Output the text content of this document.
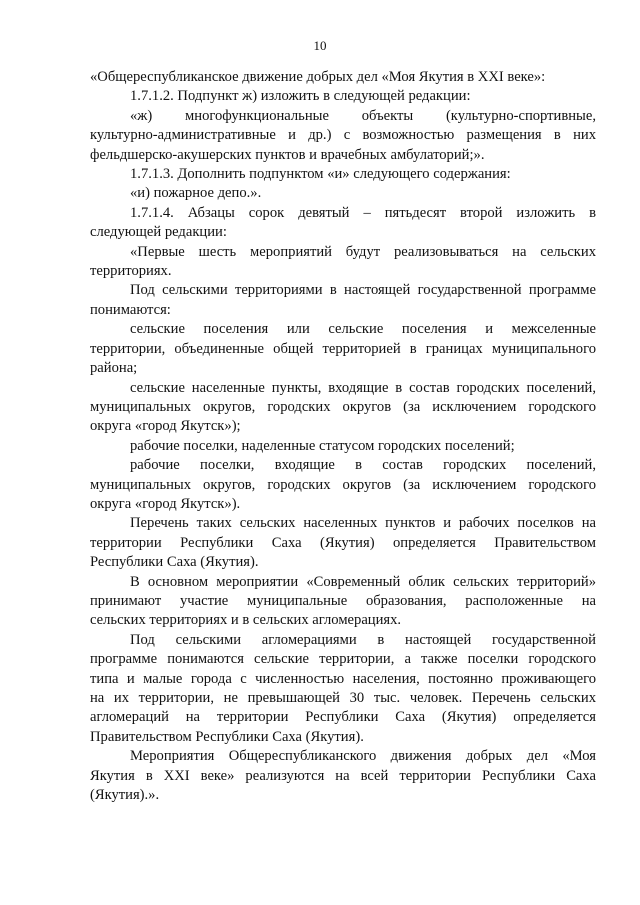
10
«Общереспубликанское движение добрых дел «Моя Якутия в XXI веке»:
1.7.1.2. Подпункт ж) изложить в следующей редакции:
«ж) многофункциональные объекты (культурно-спортивные,
культурно-административные и др.) с возможностью размещения в них
фельдшерско-акушерских пунктов и врачебных амбулаторий;».
1.7.1.3. Дополнить подпунктом «и» следующего содержания:
«и) пожарное депо.».
1.7.1.4. Абзацы сорок девятый – пятьдесят второй изложить в
следующей редакции:
«Первые шесть мероприятий будут реализовываться на сельских
территориях.
Под сельскими территориями в настоящей государственной программе
понимаются:
сельские поселения или сельские поселения и межселенные
территории, объединенные общей территорией в границах муниципального
района;
сельские населенные пункты, входящие в состав городских поселений,
муниципальных округов, городских округов (за исключением городского
округа «город Якутск»);
рабочие поселки, наделенные статусом городских поселений;
рабочие поселки, входящие в состав городских поселений,
муниципальных округов, городских округов (за исключением городского
округа «город Якутск»).
Перечень таких сельских населенных пунктов и рабочих поселков на
территории Республики Саха (Якутия) определяется Правительством
Республики Саха (Якутия).
В основном мероприятии «Современный облик сельских территорий»
принимают участие муниципальные образования, расположенные на
сельских территориях и в сельских агломерациях.
Под сельскими агломерациями в настоящей государственной
программе понимаются сельские территории, а также поселки городского
типа и малые города с численностью населения, постоянно проживающего
на их территории, не превышающей 30 тыс. человек. Перечень сельских
агломераций на территории Республики Саха (Якутия) определяется
Правительством Республики Саха (Якутия).
Мероприятия Общереспубликанского движения добрых дел «Моя
Якутия в XXI веке» реализуются на всей территории Республики Саха
(Якутия).».
